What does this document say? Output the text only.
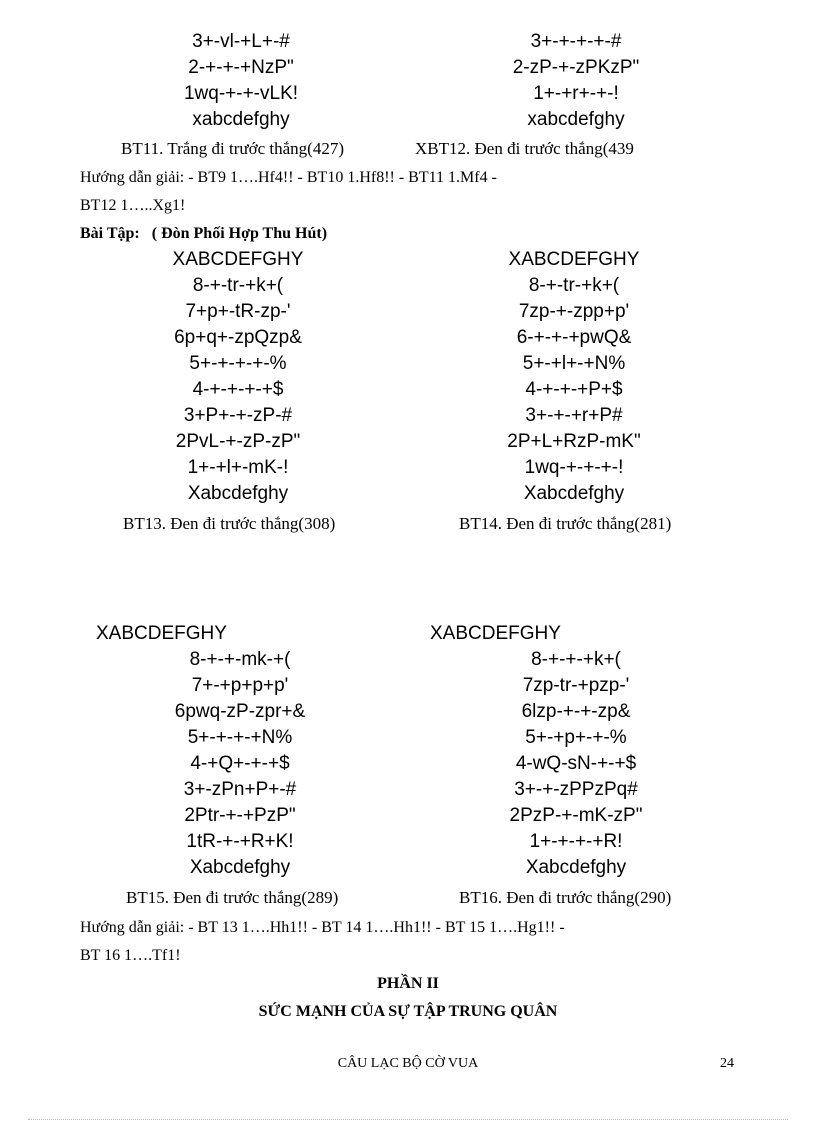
3+-vl-+L+-#
2-+-+-+NzP"
1wq-+-+-vLK!
xabcdefghy
3+-+-+-+-#
2-zP-+-zPKzP"
1+-+r+-+-!
xabcdefghy
BT11. Trắng đi trước thắng(427)	XBT12. Đen đi trước thắng(439
Hướng dẫn giải: - BT9 1….Hf4!! - BT10 1.Hf8!! - BT11 1.Mf4 -
BT12 1…..Xg1!
Bài Tập: ( Đòn Phối Hợp Thu Hút)
XABCDEFGHY
8-+-tr-+k+(
7+p+-tR-zp-'
6p+q+-zpQzp&
5+-+-+-+-%
4-+-+-+-+$
3+P+-+-zP-#
2PvL-+-zP-zP"
1+-+l+-mK-!
Xabcdefghy
XABCDEFGHY
8-+-tr-+k+(
7zp-+-zpp+p'
6-+-+-+pwQ&
5+-+l+-+N%
4-+-+-+P+$
3+-+-+r+P#
2P+L+RzP-mK"
1wq-+-+-+-!
Xabcdefghy
BT13. Đen đi trước thắng(308)	BT14. Đen đi trước thắng(281)
XABCDEFGHY	XABCDEFGHY
8-+-+-mk-+(
7+-+p+p+p'
6pwq-zP-zpr+&
5+-+-+-+N%
4-+Q+-+-+$
3+-zPn+P+-#
2Ptr-+-+PzP"
1tR-+-+R+K!
Xabcdefghy
8-+-+-+k+(
7zp-tr-+pzp-'
6lzp-+-+-zp&
5+-+p+-+-%
4-wQ-sN-+-+$
3+-+-zPPzPq#
2PzP-+-mK-zP"
1+-+-+-+R!
Xabcdefghy
BT15. Đen đi trước thắng(289)	BT16. Đen đi trước thắng(290)
Hướng dẫn giải: - BT 13 1….Hh1!! - BT 14 1….Hh1!! - BT 15 1….Hg1!! -
BT 16 1….Tf1!
PHẦN II
SỨC MẠNH CỦA SỰ TẬP TRUNG QUÂN
CÂU LẠC BỘ CỜ VUA	24
